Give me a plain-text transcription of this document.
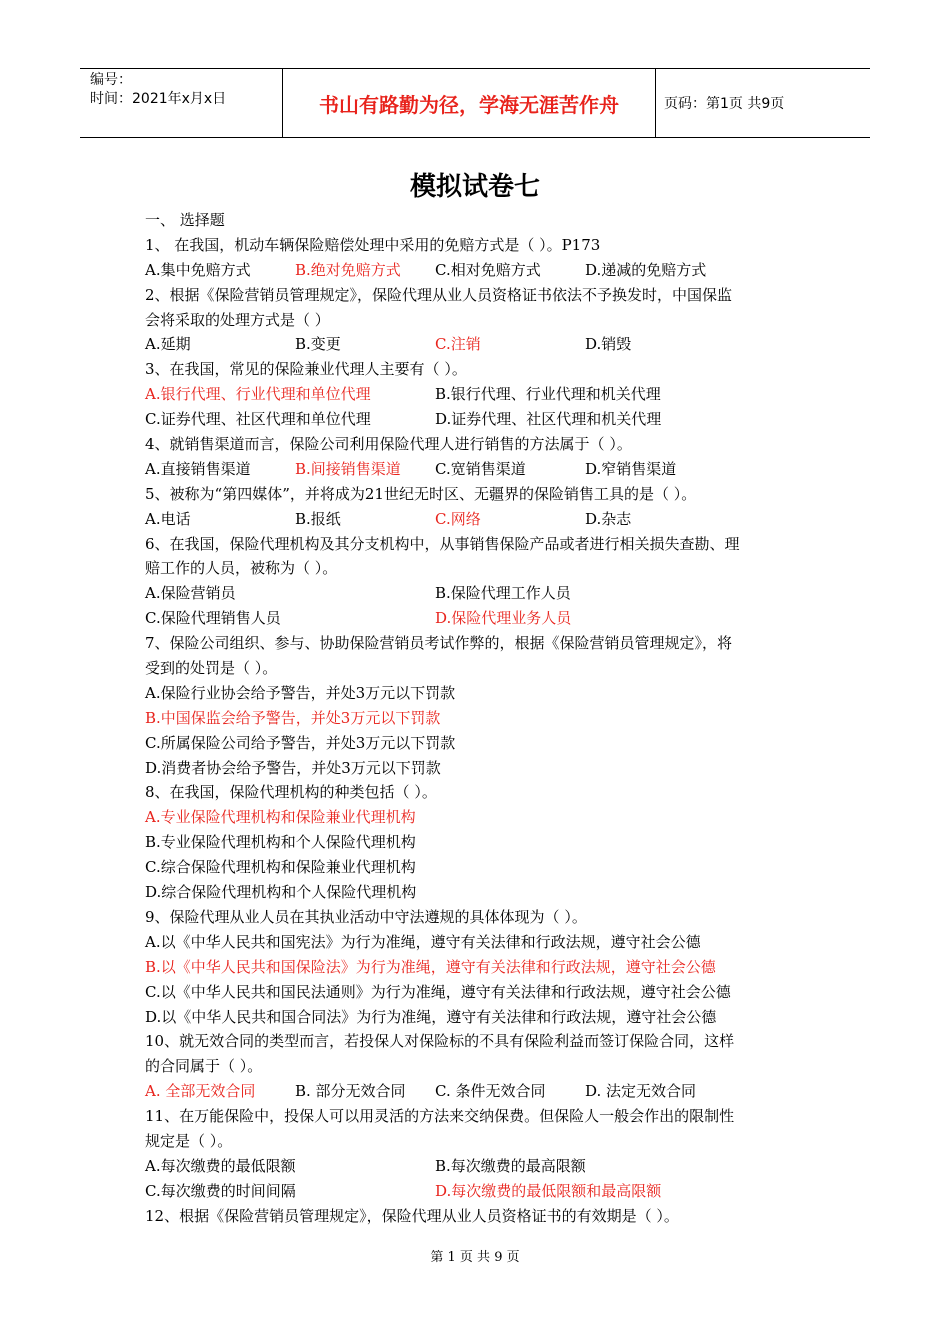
编号：
时间：2021年x月x日	书山有路勤为径，学海无涯苦作舟	页码：第1页 共9页
模拟试卷七
一、 选择题
1、 在我国，机动车辆保险赔偿处理中采用的免赔方式是（ ）。P173
A.集中免赔方式	B.绝对免赔方式 C.相对免赔方式	D.递减的免赔方式
2、根据《保险营销员管理规定》，保险代理从业人员资格证书依法不予换发时，中国保监
会将采取的处理方式是（ ）
A.延期	B.变更	C.注销	D.销毁
3、在我国，常见的保险兼业代理人主要有（ ）。
A.银行代理、行业代理和单位代理	B.银行代理、行业代理和机关代理
C.证券代理、社区代理和单位代理	D.证券代理、社区代理和机关代理
4、就销售渠道而言，保险公司利用保险代理人进行销售的方法属于（ ）。
A.直接销售渠道	B.间接销售渠道 C.宽销售渠道	D.窄销售渠道
5、被称为“第四媒体”，并将成为21世纪无时区、无疆界的保险销售工具的是（ ）。
A.电话	B.报纸	C.网络	D.杂志
6、在我国，保险代理机构及其分支机构中，从事销售保险产品或者进行相关损失查勘、理
赔工作的人员，被称为（ ）。
A.保险营销员	B.保险代理工作人员
C.保险代理销售人员	D.保险代理业务人员
7、保险公司组织、参与、协助保险营销员考试作弊的，根据《保险营销员管理规定》，将
受到的处罚是（ ）。
A.保险行业协会给予警告，并处3万元以下罚款
B.中国保监会给予警告，并处3万元以下罚款
C.所属保险公司给予警告，并处3万元以下罚款
D.消费者协会给予警告，并处3万元以下罚款
8、在我国，保险代理机构的种类包括（ ）。
A.专业保险代理机构和保险兼业代理机构
B.专业保险代理机构和个人保险代理机构
C.综合保险代理机构和保险兼业代理机构
D.综合保险代理机构和个人保险代理机构
9、保险代理从业人员在其执业活动中守法遵规的具体体现为（ ）。
A.以《中华人民共和国宪法》为行为准绳，遵守有关法律和行政法规，遵守社会公德
B.以《中华人民共和国保险法》为行为准绳，遵守有关法律和行政法规，遵守社会公德
C.以《中华人民共和国民法通则》为行为准绳，遵守有关法律和行政法规，遵守社会公德
D.以《中华人民共和国合同法》为行为准绳，遵守有关法律和行政法规，遵守社会公德
10、就无效合同的类型而言，若投保人对保险标的不具有保险利益而签订保险合同，这样
的合同属于（ ）。
A. 全部无效合同	B. 部分无效合同 C. 条件无效合同	D. 法定无效合同
11、在万能保险中，投保人可以用灵活的方法来交纳保费。但保险人一般会作出的限制性
规定是（ ）。
A.每次缴费的最低限额	B.每次缴费的最高限额
C.每次缴费的时间间隔	D.每次缴费的最低限额和最高限额
12、根据《保险营销员管理规定》，保险代理从业人员资格证书的有效期是（ ）。
第 1 页 共 9 页
